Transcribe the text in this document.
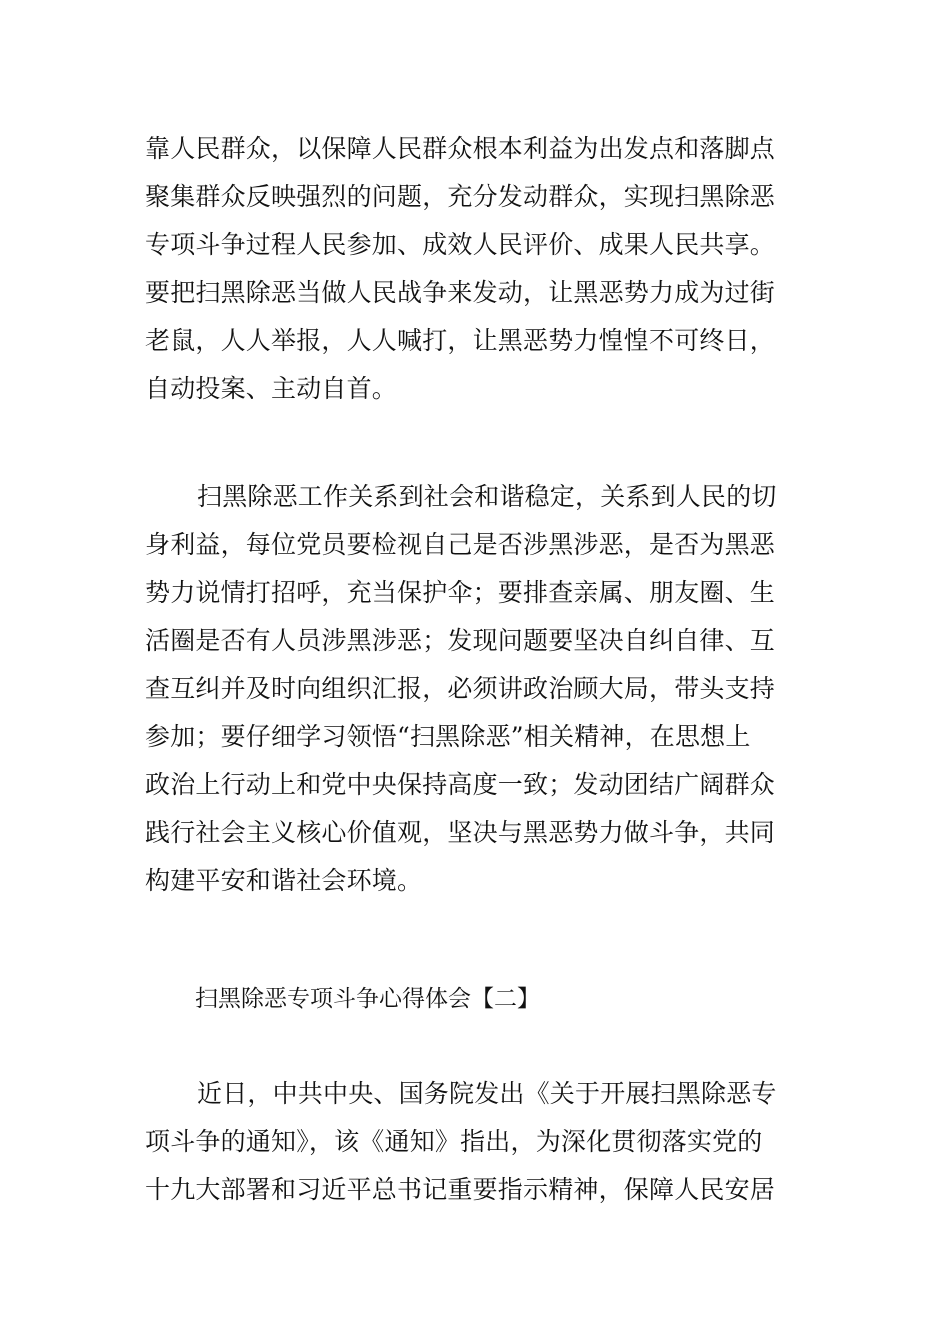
靠人民群众，以保障人民群众根本利益为出发点和落脚点
聚集群众反映强烈的问题，充分发动群众，实现扫黑除恶
专项斗争过程人民参加、成效人民评价、成果人民共享。
要把扫黑除恶当做人民战争来发动，让黑恶势力成为过街
老鼠，人人举报，人人喊打，让黑恶势力惶惶不可终日，
自动投案、主动自首。
扫黑除恶工作关系到社会和谐稳定，关系到人民的切
身利益，每位党员要检视自己是否涉黑涉恶，是否为黑恶
势力说情打招呼，充当保护伞；要排查亲属、朋友圈、生
活圈是否有人员涉黑涉恶；发现问题要坚决自纠自律、互
查互纠并及时向组织汇报，必须讲政治顾大局，带头支持
参加；要仔细学习领悟“扫黑除恶”相关精神，在思想上
政治上行动上和党中央保持高度一致；发动团结广阔群众
践行社会主义核心价值观，坚决与黑恶势力做斗争，共同
构建平安和谐社会环境。
扫黑除恶专项斗争心得体会【二】
近日，中共中央、国务院发出《关于开展扫黑除恶专
项斗争的通知》，该《通知》指出，为深化贯彻落实党的
十九大部署和习近平总书记重要指示精神，保障人民安居
